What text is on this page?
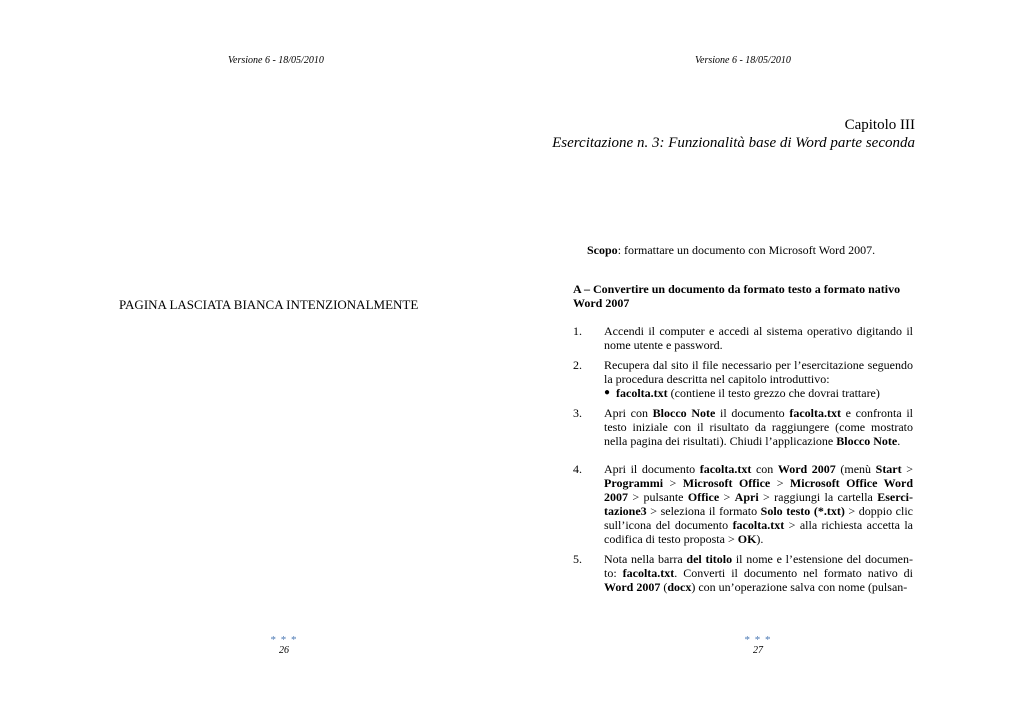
Versione 6 - 18/05/2010
PAGINA LASCIATA BIANCA INTENZIONALMENTE
* * *
26
Versione 6 - 18/05/2010
Capitolo III
Esercitazione n. 3: Funzionalità base di Word parte seconda
Scopo: formattare un documento con Microsoft Word 2007.
A – Convertire un documento da formato testo a formato nativo Word 2007
1.	Accendi il computer e accedi al sistema operativo digitando il nome utente e password.
2.	Recupera dal sito il file necessario per l’esercitazione seguendo la procedura descritta nel capitolo introduttivo:
● facolta.txt (contiene il testo grezzo che dovrai trattare)
3.	Apri con Blocco Note il documento facolta.txt e confronta il testo iniziale con il risultato da raggiungere (come mostrato nella pagina dei risultati). Chiudi l’applicazione Blocco Note.
4.	Apri il documento facolta.txt con Word 2007 (menù Start > Programmi > Microsoft Office > Microsoft Office Word 2007 > pulsante Office > Apri > raggiungi la cartella Eserci-tazione3 > seleziona il formato Solo testo (*.txt) > doppio clic sull’icona del documento facolta.txt > alla richiesta accetta la codifica di testo proposta > OK).
5.	Nota nella barra del titolo il nome e l’estensione del documen-to: facolta.txt. Converti il documento nel formato nativo di Word 2007 (docx) con un’operazione salva con nome (pulsan-
* * *
27
